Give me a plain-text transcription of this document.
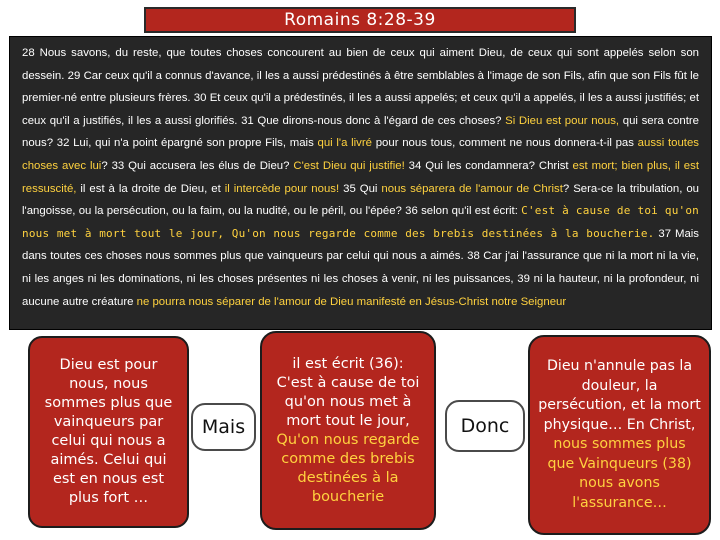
Romains 8:28-39
28 Nous savons, du reste, que toutes choses concourent au bien de ceux qui aiment Dieu, de ceux qui sont appelés selon son dessein. 29 Car ceux qu'il a connus d'avance, il les a aussi prédestinés à être semblables à l'image de son Fils, afin que son Fils fût le premier-né entre plusieurs frères. 30 Et ceux qu'il a prédestinés, il les a aussi appelés; et ceux qu'il a appelés, il les a aussi justifiés; et ceux qu'il a justifiés, il les a aussi glorifiés. 31 Que dirons-nous donc à l'égard de ces choses? Si Dieu est pour nous, qui sera contre nous? 32 Lui, qui n'a point épargné son propre Fils, mais qui l'a livré pour nous tous, comment ne nous donnera-t-il pas aussi toutes choses avec lui? 33 Qui accusera les élus de Dieu? C'est Dieu qui justifie! 34 Qui les condamnera? Christ est mort; bien plus, il est ressuscité, il est à la droite de Dieu, et il intercède pour nous! 35 Qui nous séparera de l'amour de Christ? Sera-ce la tribulation, ou l'angoisse, ou la persécution, ou la faim, ou la nudité, ou le péril, ou l'épée? 36 selon qu'il est écrit: C'est à cause de toi qu'on nous met à mort tout le jour, Qu'on nous regarde comme des brebis destinées à la boucherie. 37 Mais dans toutes ces choses nous sommes plus que vainqueurs par celui qui nous a aimés. 38 Car j'ai l'assurance que ni la mort ni la vie, ni les anges ni les dominations, ni les choses présentes ni les choses à venir, ni les puissances, 39 ni la hauteur, ni la profondeur, ni aucune autre créature ne pourra nous séparer de l'amour de Dieu manifesté en Jésus-Christ notre Seigneur
Dieu est pour nous, nous sommes plus que vainqueurs par celui qui nous a aimés. Celui qui est en nous est plus fort …
Mais
il est écrit (36): C'est à cause de toi qu'on nous met à mort tout le jour, Qu'on nous regarde comme des brebis destinées à la boucherie
Donc
Dieu n'annule pas la douleur, la persécution, et la mort physique… En Christ, nous sommes plus que Vainqueurs (38) nous avons l'assurance…
